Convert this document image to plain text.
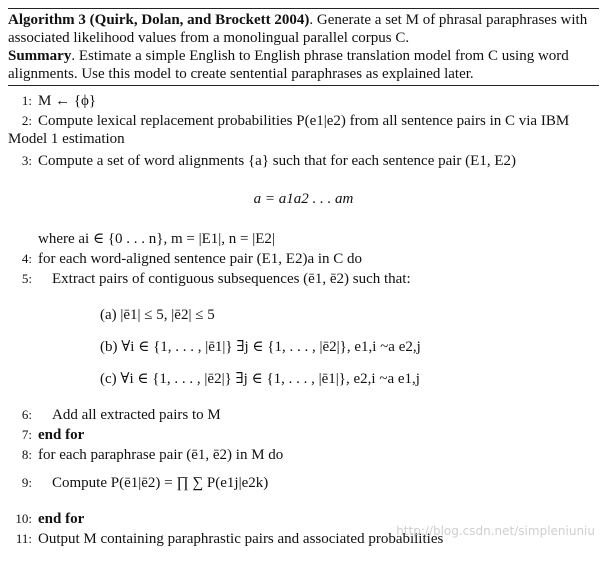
Algorithm 3 (Quirk, Dolan, and Brockett 2004). Generate a set M of phrasal paraphrases with associated likelihood values from a monolingual parallel corpus C.
Summary. Estimate a simple English to English phrase translation model from C using word alignments. Use this model to create sentential paraphrases as explained later.
1: M ← {ϕ}
2: Compute lexical replacement probabilities P(e1|e2) from all sentence pairs in C via IBM Model 1 estimation
3: Compute a set of word alignments {a} such that for each sentence pair (E1, E2)
a = a1a2 . . . am
where ai ∈ {0 . . . n}, m = |E1|, n = |E2|
4: for each word-aligned sentence pair (E1, E2)a in C do
5: Extract pairs of contiguous subsequences (ē1, ē2) such that:
(a) |ē1| ≤ 5, |ē2| ≤ 5
(b) ∀i ∈ {1, . . . , |ē1|} ∃j ∈ {1, . . . , |ē2|}, e1,i ~a e2,j
(c) ∀i ∈ {1, . . . , |ē2|} ∃j ∈ {1, . . . , |ē1|}, e2,i ~a e1,j
6: Add all extracted pairs to M
7: end for
8: for each paraphrase pair (ē1, ē2) in M do
9: Compute P(ē1|ē2) = ∏ ∑ P(e1j|e2k)
10: end for
11: Output M containing paraphrastic pairs and associated probabilities
http://blog.csdn.net/simpleniuniu
